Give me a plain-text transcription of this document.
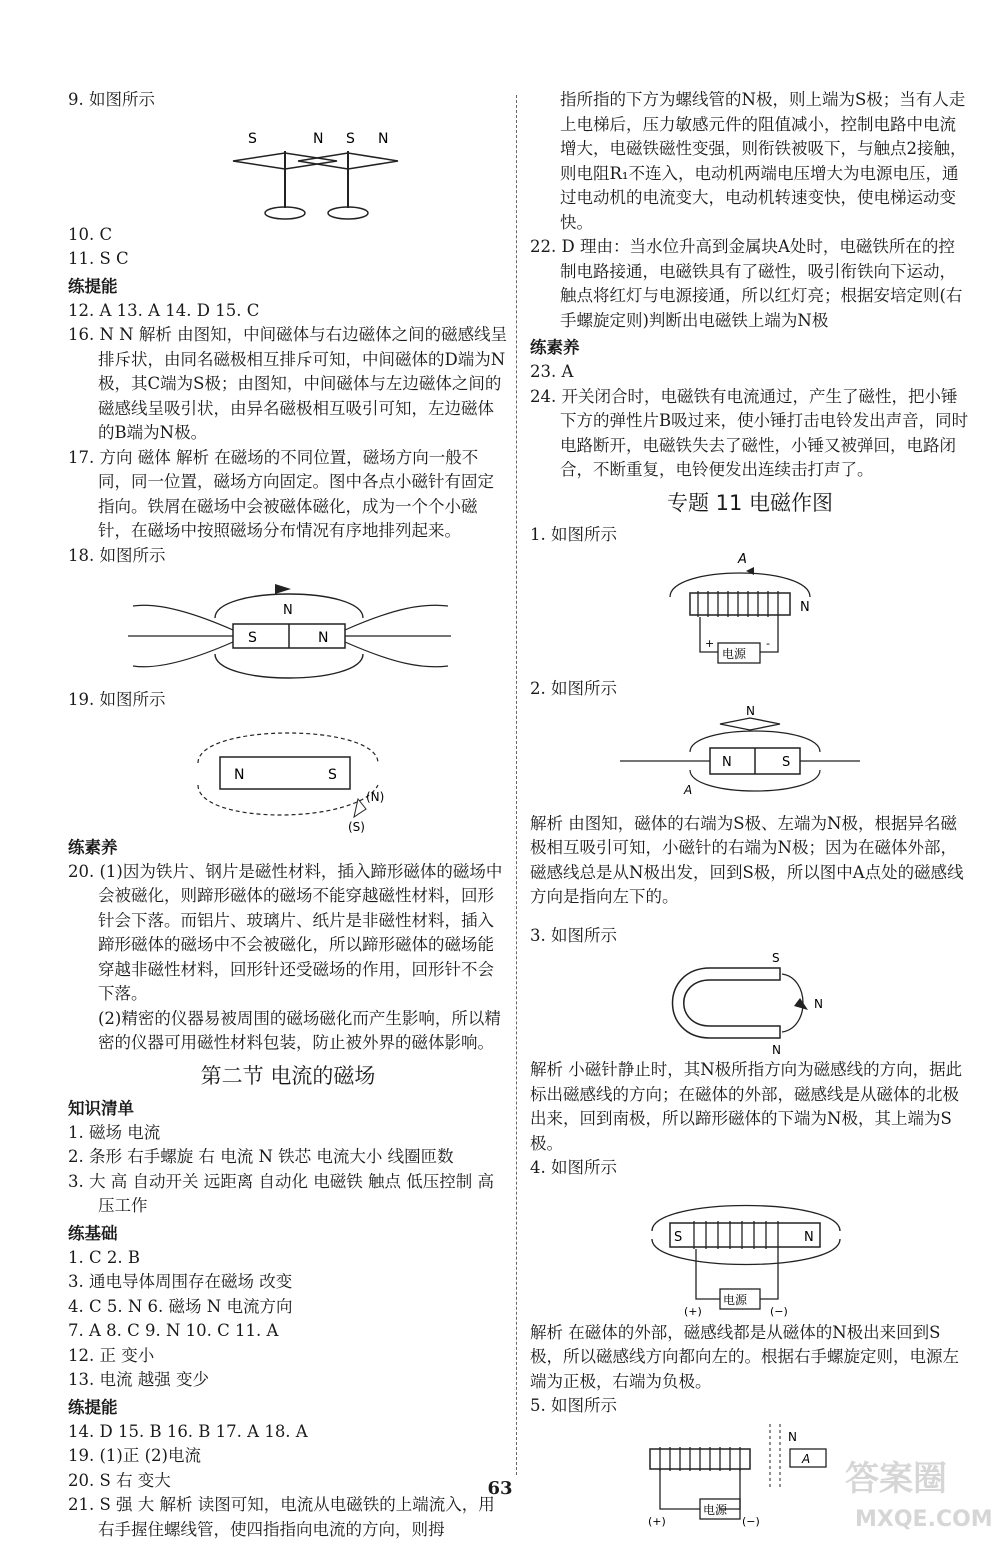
9. 如图所示

S	N S N

10. C

11. S C

练提能

12. A 13. A 14. D 15. C

16. N N 解析 由图知，中间磁体与右边磁体之间的磁感线呈排斥状，由同名磁极相互排斥可知，中间磁体的D端为N极，其C端为S极；由图知，中间磁体与左边磁体之间的磁感线呈吸引状，由异名磁极相互吸引可知，左边磁体的B端为N极。

17. 方向 磁体 解析 在磁场的不同位置，磁场方向一般不同，同一位置，磁场方向固定。图中各点小磁针有固定指向。铁屑在磁场中会被磁体磁化，成为一个个小磁针，在磁场中按照磁场分布情况有序地排列起来。

18. 如图所示

S	N
N

19. 如图所示

N	S
(N)
(S)

练素养

20. (1)因为铁片、钢片是磁性材料，插入蹄形磁体的磁场中会被磁化，则蹄形磁体的磁场不能穿越磁性材料，回形针会下落。而铝片、玻璃片、纸片是非磁性材料，插入蹄形磁体的磁场中不会被磁化，所以蹄形磁体的磁场能穿越非磁性材料，回形针还受磁场的作用，回形针不会下落。

(2)精密的仪器易被周围的磁场磁化而产生影响，所以精密的仪器可用磁性材料包装，防止被外界的磁体影响。

第二节 电流的磁场

知识清单

1. 磁场 电流

2. 条形 右手螺旋 右 电流 N 铁芯 电流大小 线圈匝数

3. 大 高 自动开关 远距离 自动化 电磁铁 触点 低压控制 高压工作

练基础

1. C 2. B

3. 通电导体周围存在磁场 改变

4. C 5. N 6. 磁场 N 电流方向

7. A 8. C 9. N 10. C 11. A

12. 正 变小

13. 电流 越强 变少

练提能

14. D 15. B 16. B 17. A 18. A

19. (1)正 (2)电流

20. S 右 变大

21. S 强 大 解析 读图可知，电流从电磁铁的上端流入，用右手握住螺线管，使四指指向电流的方向，则拇

指所指的下方为螺线管的N极，则上端为S极；当有人走上电梯后，压力敏感元件的阻值减小，控制电路中电流增大，电磁铁磁性变强，则衔铁被吸下，与触点2接触，则电阻R₁不连入，电动机两端电压增大为电源电压，通过电动机的电流变大，电动机转速变快，使电梯运动变快。

22. D 理由：当水位升高到金属块A处时，电磁铁所在的控制电路接通，电磁铁具有了磁性，吸引衔铁向下运动，触点将红灯与电源接通，所以红灯亮；根据安培定则(右手螺旋定则)判断出电磁铁上端为N极

练素养

23. A

24. 开关闭合时，电磁铁有电流通过，产生了磁性，把小锤下方的弹性片B吸过来，使小锤打击电铃发出声音，同时电路断开，电磁铁失去了磁性，小锤又被弹回，电路闭合，不断重复，电铃便发出连续击打声了。

专题 11 电磁作图

1. 如图所示

A
N
电源
+	-

2. 如图所示

N
N	S
A

解析 由图知，磁体的右端为S极、左端为N极，根据异名磁极相互吸引可知，小磁针的右端为N极；因为在磁体外部，磁感线总是从N极出发，回到S极，所以图中A点处的磁感线方向是指向左下的。

3. 如图所示

S
N
N

解析 小磁针静止时，其N极所指方向为磁感线的方向，据此标出磁感线的方向；在磁体的外部，磁感线是从磁体的北极出来，回到南极，所以蹄形磁体的下端为N极，其上端为S极。

4. 如图所示

S	N
电源
(+)	(−)

解析 在磁体的外部，磁感线都是从磁体的N极出来回到S极，所以磁感线方向都向左的。根据右手螺旋定则，电源左端为正极，右端为负极。

5. 如图所示

N
A
电源
(+)	(−)
63	答案圈
MXQE.COM
